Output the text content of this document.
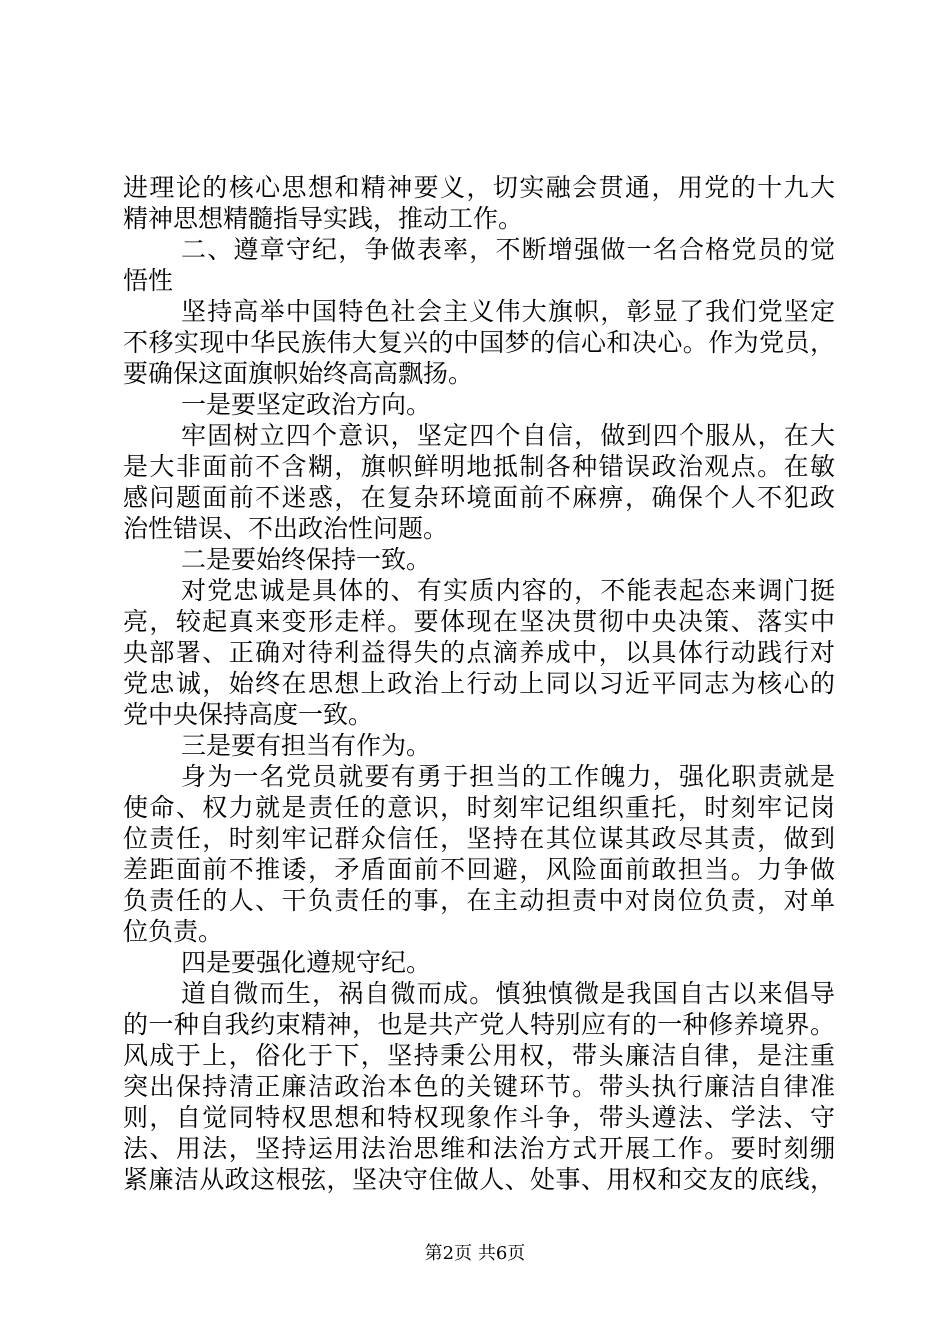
进理论的核心思想和精神要义，切实融会贯通，用党的十九大
精神思想精髓指导实践，推动工作。
二、遵章守纪，争做表率，不断增强做一名合格党员的觉
悟性
坚持高举中国特色社会主义伟大旗帜，彰显了我们党坚定
不移实现中华民族伟大复兴的中国梦的信心和决心。作为党员，
要确保这面旗帜始终高高飘扬。
一是要坚定政治方向。
牢固树立四个意识，坚定四个自信，做到四个服从，在大
是大非面前不含糊，旗帜鲜明地抵制各种错误政治观点。在敏
感问题面前不迷惑，在复杂环境面前不麻痹，确保个人不犯政
治性错误、不出政治性问题。
二是要始终保持一致。
对党忠诚是具体的、有实质内容的，不能表起态来调门挺
亮，较起真来变形走样。要体现在坚决贯彻中央决策、落实中
央部署、正确对待利益得失的点滴养成中，以具体行动践行对
党忠诚，始终在思想上政治上行动上同以习近平同志为核心的
党中央保持高度一致。
三是要有担当有作为。
身为一名党员就要有勇于担当的工作魄力，强化职责就是
使命、权力就是责任的意识，时刻牢记组织重托，时刻牢记岗
位责任，时刻牢记群众信任，坚持在其位谋其政尽其责，做到
差距面前不推诿，矛盾面前不回避，风险面前敢担当。力争做
负责任的人、干负责任的事，在主动担责中对岗位负责，对单
位负责。
四是要强化遵规守纪。
道自微而生，祸自微而成。慎独慎微是我国自古以来倡导
的一种自我约束精神，也是共产党人特别应有的一种修养境界。
风成于上，俗化于下，坚持秉公用权，带头廉洁自律，是注重
突出保持清正廉洁政治本色的关键环节。带头执行廉洁自律准
则，自觉同特权思想和特权现象作斗争，带头遵法、学法、守
法、用法，坚持运用法治思维和法治方式开展工作。要时刻绷
紧廉洁从政这根弦，坚决守住做人、处事、用权和交友的底线，
第2页 共6页
